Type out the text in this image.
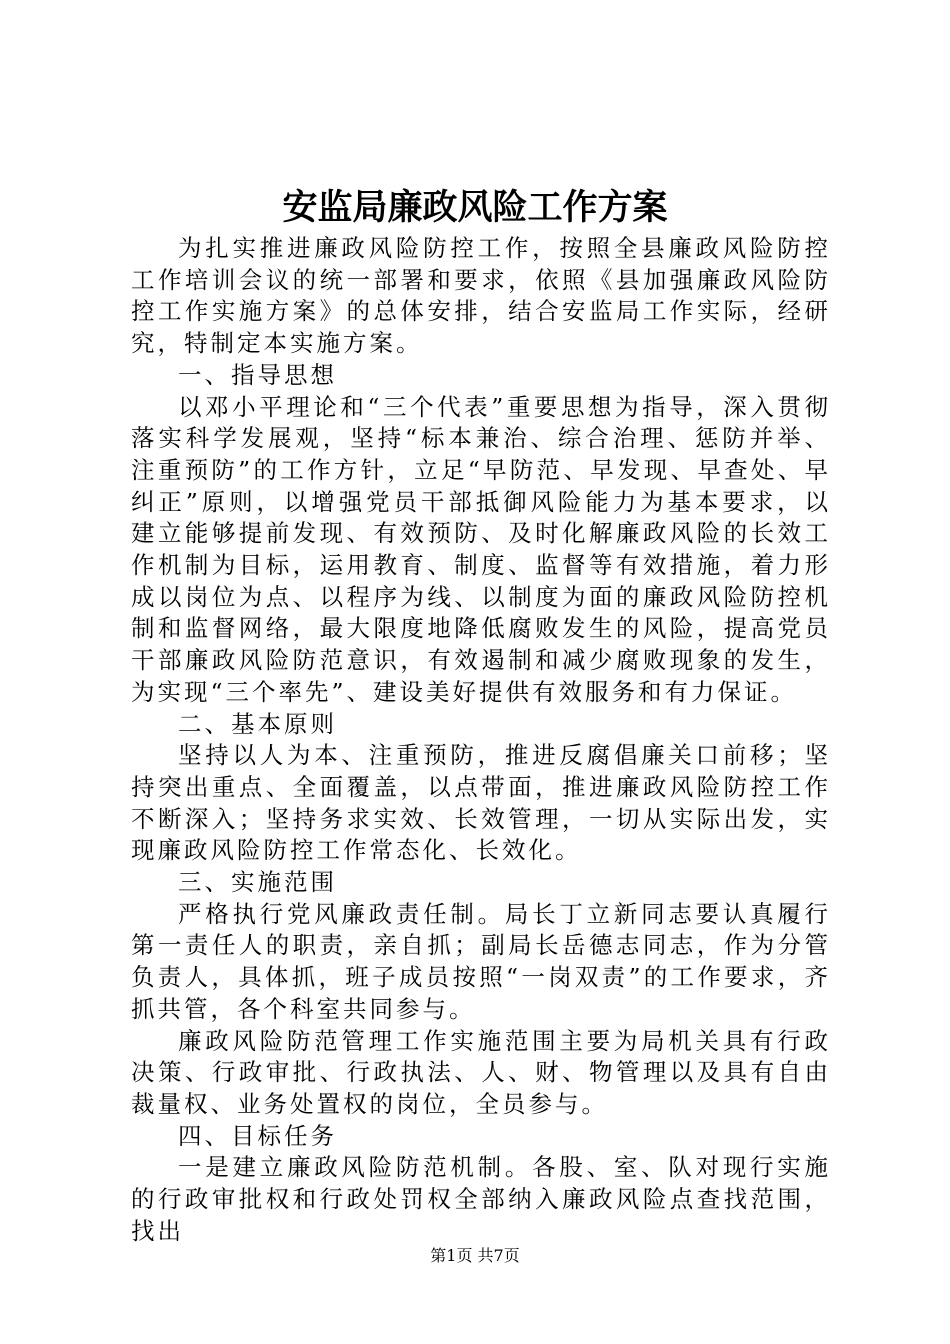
安监局廉政风险工作方案

为扎实推进廉政风险防控工作，按照全县廉政风险防控工作培训会议的统一部署和要求，依照《县加强廉政风险防控工作实施方案》的总体安排，结合安监局工作实际，经研究，特制定本实施方案。

一、指导思想

以邓小平理论和“三个代表”重要思想为指导，深入贯彻落实科学发展观，坚持“标本兼治、综合治理、惩防并举、注重预防”的工作方针，立足“早防范、早发现、早查处、早纠正”原则，以增强党员干部抵御风险能力为基本要求，以建立能够提前发现、有效预防、及时化解廉政风险的长效工作机制为目标，运用教育、制度、监督等有效措施，着力形成以岗位为点、以程序为线、以制度为面的廉政风险防控机制和监督网络，最大限度地降低腐败发生的风险，提高党员干部廉政风险防范意识，有效遏制和减少腐败现象的发生，为实现“三个率先”、建设美好提供有效服务和有力保证。

二、基本原则

坚持以人为本、注重预防，推进反腐倡廉关口前移；坚持突出重点、全面覆盖，以点带面，推进廉政风险防控工作不断深入；坚持务求实效、长效管理，一切从实际出发，实现廉政风险防控工作常态化、长效化。

三、实施范围

严格执行党风廉政责任制。局长丁立新同志要认真履行第一责任人的职责，亲自抓；副局长岳德志同志，作为分管负责人，具体抓，班子成员按照“一岗双责”的工作要求，齐抓共管，各个科室共同参与。

廉政风险防范管理工作实施范围主要为局机关具有行政决策、行政审批、行政执法、人、财、物管理以及具有自由裁量权、业务处置权的岗位，全员参与。

四、目标任务

一是建立廉政风险防范机制。各股、室、队对现行实施的行政审批权和行政处罚权全部纳入廉政风险点查找范围，找出

第1页 共7页
